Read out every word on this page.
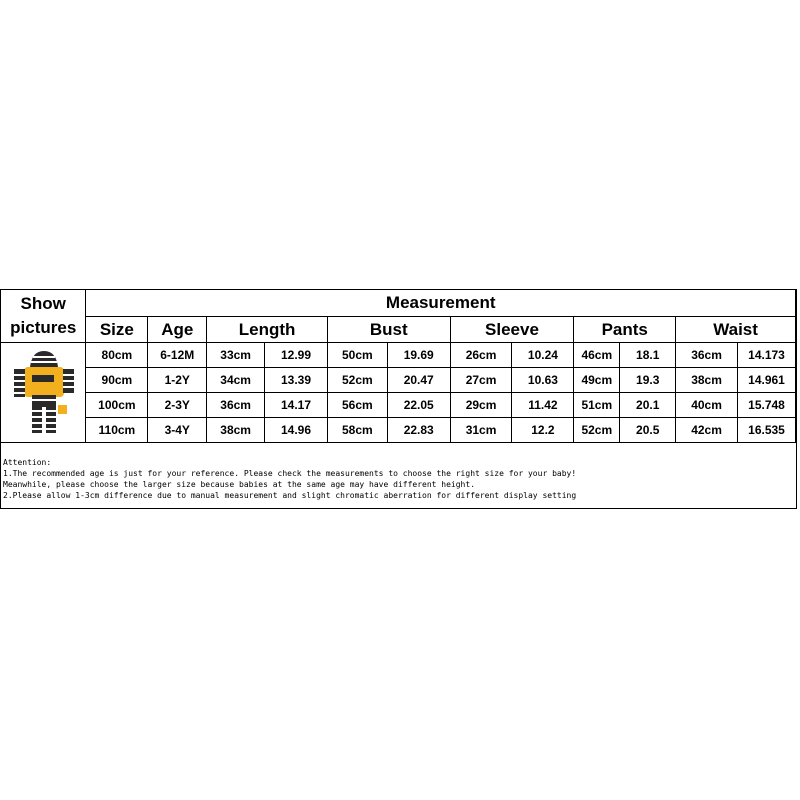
Show
pictures	Measurement											
	Size	Age	Length		Bust		Sleeve		Pants		Waist	
	80cm	6-12M	33cm	12.99	50cm	19.69	26cm	10.24	46cm	18.1	36cm	14.173
	90cm	1-2Y	34cm	13.39	52cm	20.47	27cm	10.63	49cm	19.3	38cm	14.961
	100cm	2-3Y	36cm	14.17	56cm	22.05	29cm	11.42	51cm	20.1	40cm	15.748
	110cm	3-4Y	38cm	14.96	58cm	22.83	31cm	12.2	52cm	20.5	42cm	16.535
Attention:
1.The recommended age is just for your reference. Please check the measurements to choose the right size for your baby!
Meanwhile, please choose the larger size because babies at the same age may have different height.
2.Please allow 1-3cm difference due to manual measurement and slight chromatic aberration for different display setting
